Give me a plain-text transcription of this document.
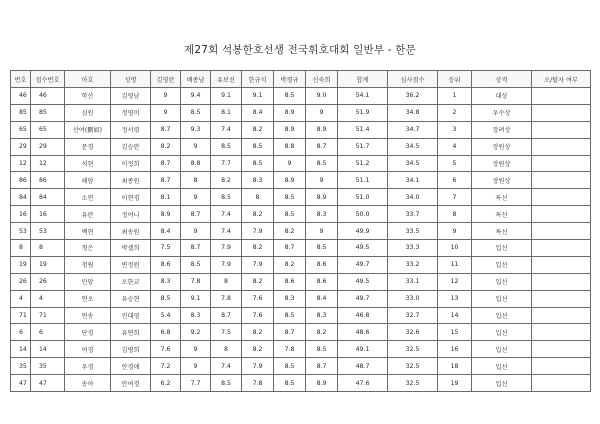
제27회 석봉한호선생 전국휘호대회 일반부 - 한문
번호	접수번호	아호	성명	김영란	배종남	유보선	한규식	박경규	신숙희	합계	심사점수	등위	상격	오/탈자 여부
46	46	학산	김영남	9	9.4	9.1	9.1	8.5	9.0	54.1	36.2	1	대상	
85	85	심원	정영미	9	8.5	8.1	8.4	8.9	9	51.9	34.8	2	우수상	
65	65	산여(刪如)	정서령	8.7	9.3	7.4	8.2	8.9	8.9	51.4	34.7	3	장려상	
29	29	문경	김승란	8.2	9	8.5	8.5	8.8	8.7	51.7	34.5	4	장원상	
12	12	석현	이정희	8.7	8.8	7.7	8.5	9	8.5	51.2	34.5	5	장원상	
86	86	해암	최종원	8.7	8	8.2	8.3	8.9	9	51.1	34.1	6	장원상	
84	84	소연	이현경	8.1	9	8.5	8	8.5	8.9	51.0	34.0	7	특선	
16	16	유란	정여니	8.9	8.7	7.4	8.2	8.5	8.3	50.0	33.7	8	특선	
53	53	백현	최송원	8.4	9	7.4	7.9	8.2	9	49.9	33.5	9	특선	
8	8	청은	박셀희	7.5	8.7	7.9	8.2	8.7	8.5	49.5	33.3	10	입선	
19	19	청림	변정원	8.6	8.5	7.9	7.9	8.2	8.6	49.7	33.2	11	입선	
26	26	민암	오한교	8.3	7.8	8	8.2	8.6	8.6	49.5	33.1	12	입선	
4	4	연오	유승현	8.5	9.1	7.8	7.6	8.3	8.4	49.7	33.0	13	입선	
71	71	연송	진대영	5.4	8.3	8.7	7.6	8.5	8.3	46.8	32.7	14	입선	
6	6	단경	유연희	6.8	9.2	7.5	8.2	8.7	8.2	48.6	32.6	15	입선	
14	14	여경	김병희	7.6	9	8	8.2	7.8	8.5	49.1	32.5	16	입선	
35	35	우경	안경애	7.2	9	7.4	7.9	8.5	8.7	48.7	32.5	18	입선	
47	47	송아	안여경	6.2	7.7	8.5	7.8	8.5	8.9	47.6	32.5	19	입선	
